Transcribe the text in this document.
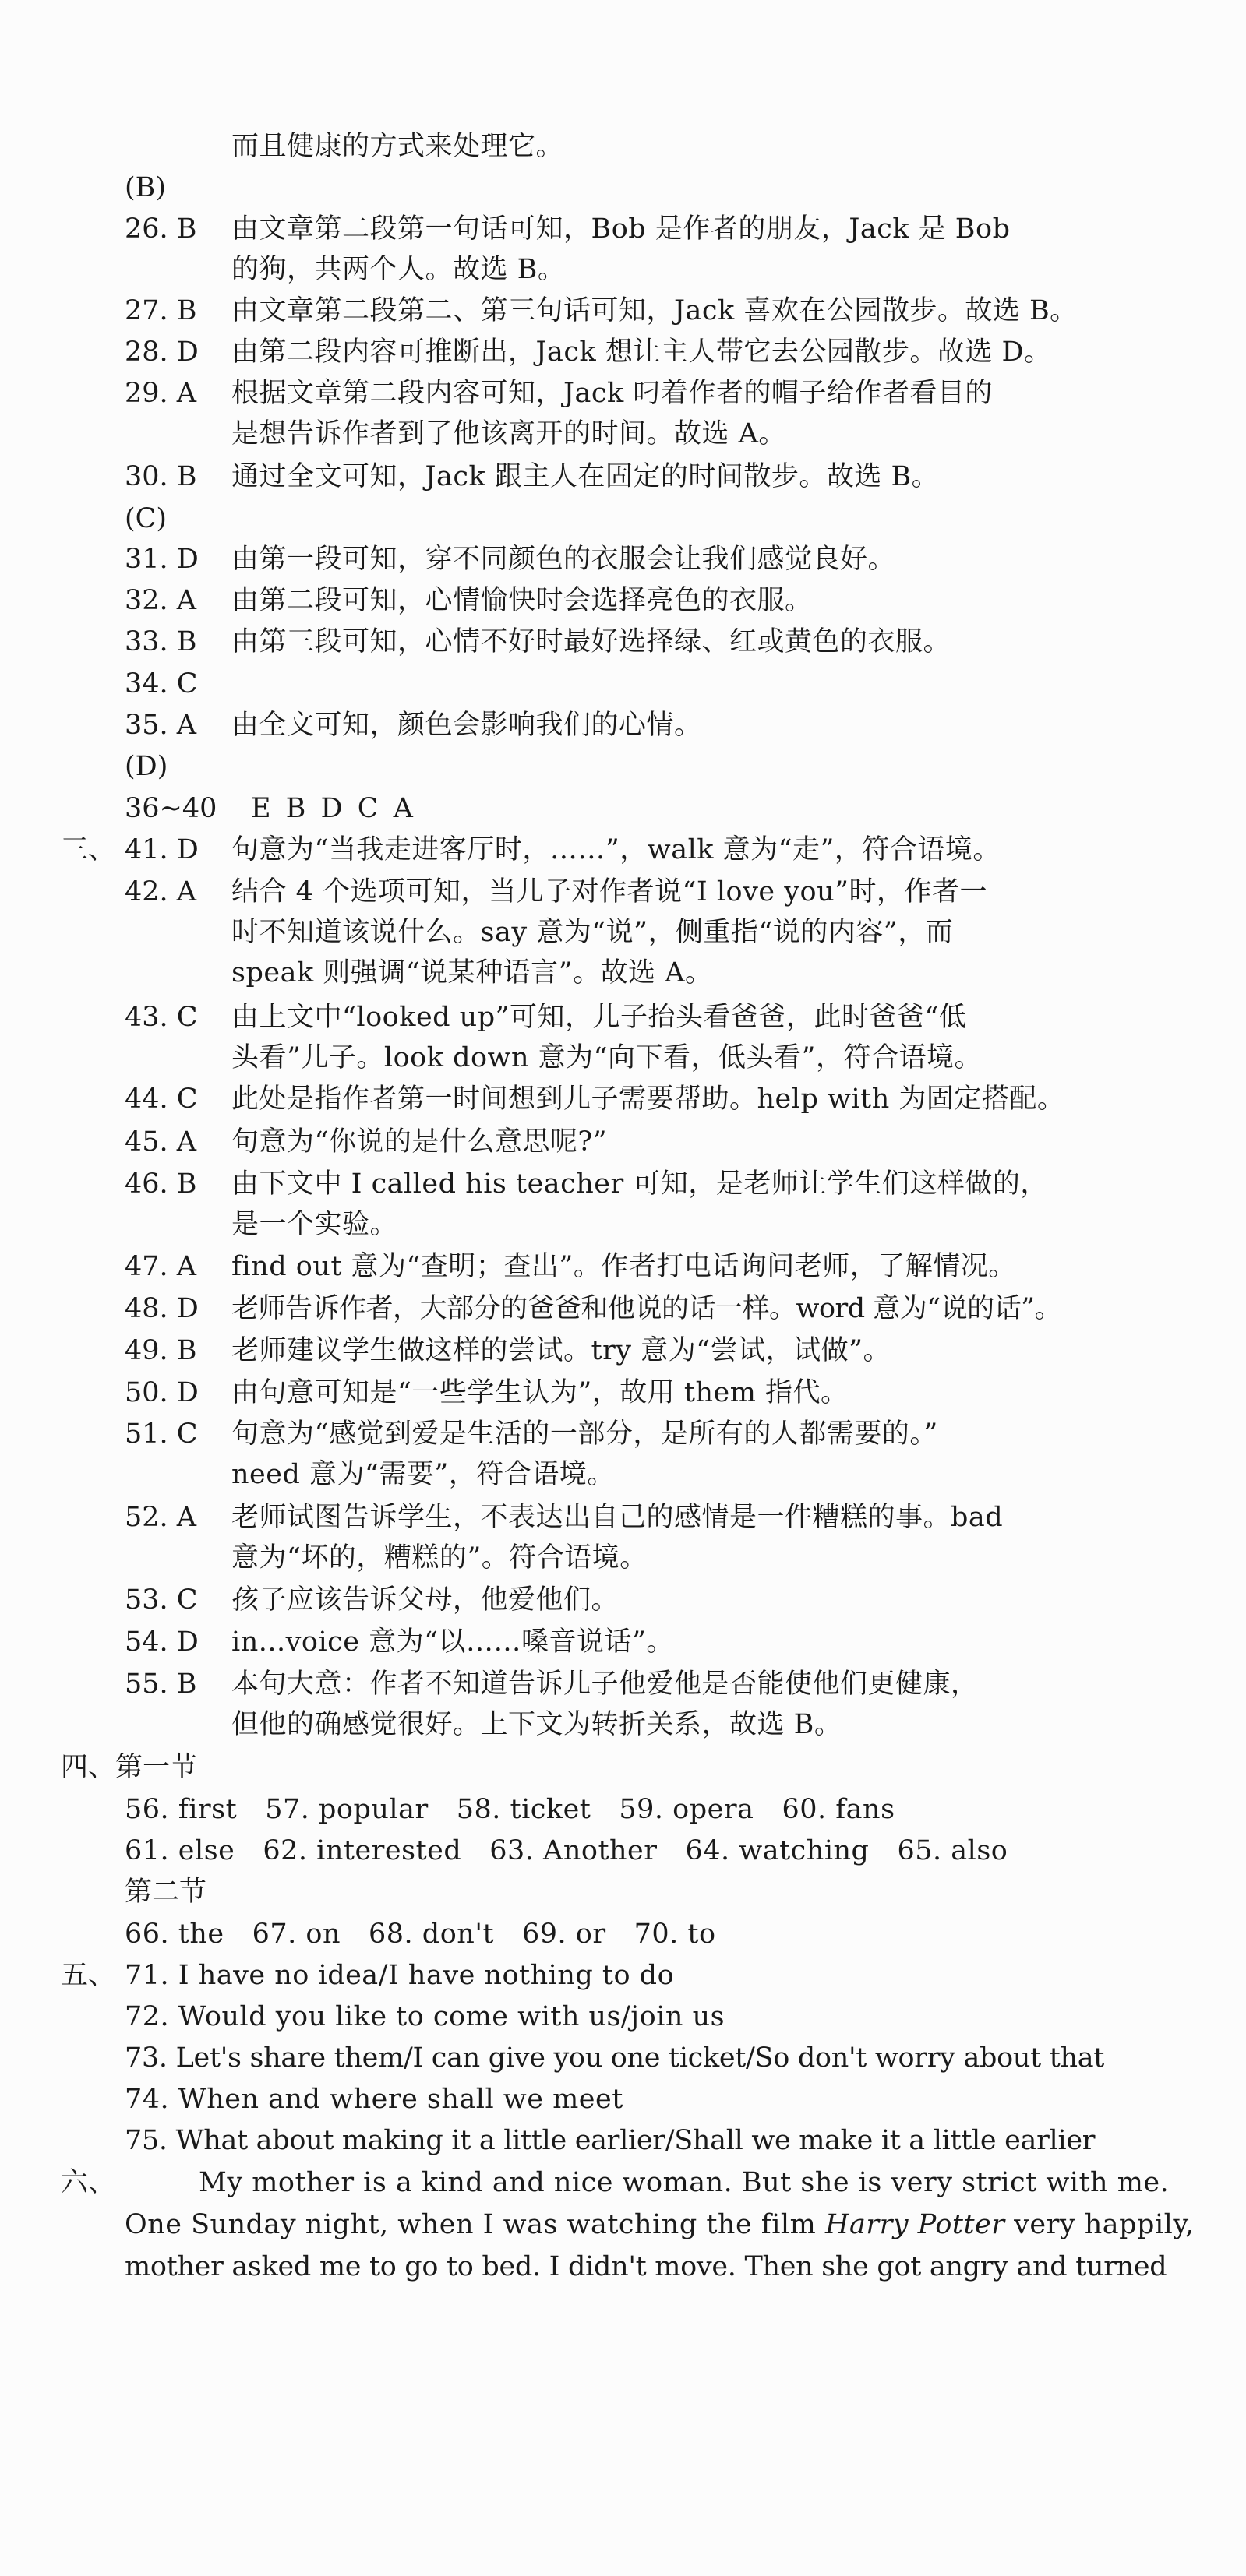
而且健康的方式来处理它。
(B)
26. B 由文章第二段第一句话可知，Bob 是作者的朋友，Jack 是 Bob
的狗，共两个人。故选 B。
27. B 由文章第二段第二、第三句话可知，Jack 喜欢在公园散步。故选 B。
28. D 由第二段内容可推断出，Jack 想让主人带它去公园散步。故选 D。
29. A 根据文章第二段内容可知，Jack 叼着作者的帽子给作者看目的
是想告诉作者到了他该离开的时间。故选 A。
30. B 通过全文可知，Jack 跟主人在固定的时间散步。故选 B。
(C)
31. D 由第一段可知，穿不同颜色的衣服会让我们感觉良好。
32. A 由第二段可知，心情愉快时会选择亮色的衣服。
33. B 由第三段可知，心情不好时最好选择绿、红或黄色的衣服。
34. C
35. A 由全文可知，颜色会影响我们的心情。
(D)
36~40 E B D C A
三、 41. D 句意为“当我走进客厅时，……”，walk 意为“走”，符合语境。
42. A 结合 4 个选项可知，当儿子对作者说“I love you”时，作者一
时不知道该说什么。say 意为“说”，侧重指“说的内容”，而
speak 则强调“说某种语言”。故选 A。
43. C 由上文中“looked up”可知，儿子抬头看爸爸，此时爸爸“低
头看”儿子。look down 意为“向下看，低头看”，符合语境。
44. C 此处是指作者第一时间想到儿子需要帮助。help with 为固定搭配。
45. A 句意为“你说的是什么意思呢?”
46. B 由下文中 I called his teacher 可知，是老师让学生们这样做的，
是一个实验。
47. A find out 意为“查明；查出”。作者打电话询问老师，了解情况。
48. D 老师告诉作者，大部分的爸爸和他说的话一样。word 意为“说的话”。
49. B 老师建议学生做这样的尝试。try 意为“尝试，试做”。
50. D 由句意可知是“一些学生认为”，故用 them 指代。
51. C 句意为“感觉到爱是生活的一部分，是所有的人都需要的。”
need 意为“需要”，符合语境。
52. A 老师试图告诉学生，不表达出自己的感情是一件糟糕的事。bad
意为“坏的，糟糕的”。符合语境。
53. C 孩子应该告诉父母，他爱他们。
54. D in...voice 意为“以……嗓音说话”。
55. B 本句大意：作者不知道告诉儿子他爱他是否能使他们更健康，
但他的确感觉很好。上下文为转折关系，故选 B。
四、第一节
56. first 57. popular 58. ticket 59. opera 60. fans
61. else 62. interested 63. Another 64. watching 65. also
第二节
66. the 67. on 68. don't 69. or 70. to
五、 71. I have no idea/I have nothing to do
72. Would you like to come with us/join us
73. Let's share them/I can give you one ticket/So don't worry about that
74. When and where shall we meet
75. What about making it a little earlier/Shall we make it a little earlier
六、	My mother is a kind and nice woman. But she is very strict with me.
One Sunday night, when I was watching the film Harry Potter very happily,
mother asked me to go to bed. I didn't move. Then she got angry and turned
